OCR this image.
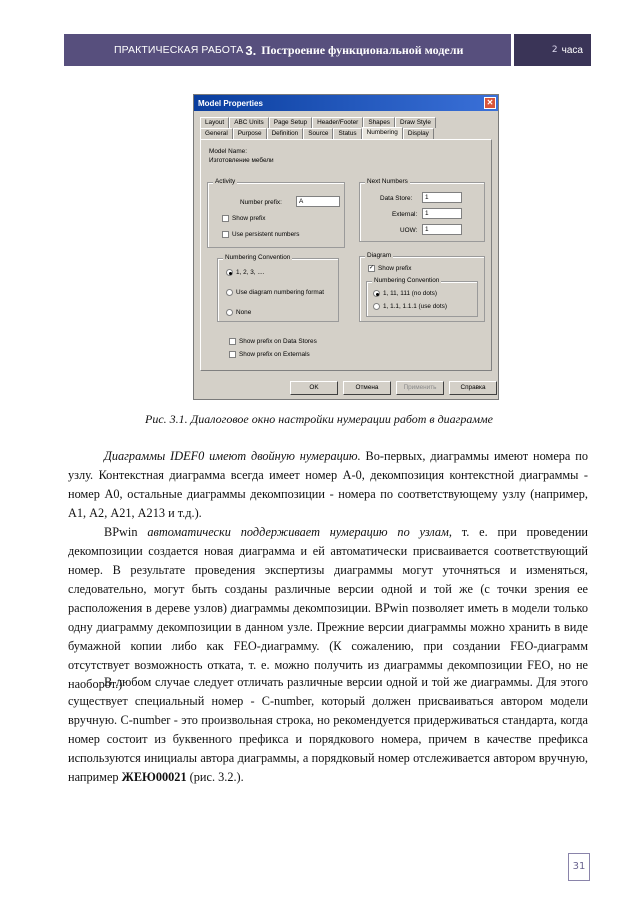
ПРАКТИЧЕСКАЯ РАБОТА 3. Построение функциональной модели	2 часа
Model Properties	✕
Layout	ABC Units	Page Setup	Header/Footer	Shapes	Draw Style
General	Purpose	Definition	Source	Status	Numbering	Display
Model Name:
Изготовление мебели
Activity
Number prefix:	A
Show prefix
Use persistent numbers
Numbering Convention
1, 2, 3, ....
Use diagram numbering format
None
Next Numbers
Data Store:	1
External:	1
UOW:	1
Diagram
✓ Show prefix
Numbering Convention
1, 11, 111 (no dots)
1, 1.1, 1.1.1 (use dots)
Show prefix on Data Stores
Show prefix on Externals
OK	Отмена	Применить	Справка
Рис. 3.1. Диалоговое окно настройки нумерации работ в диаграмме

Диаграммы IDEF0 имеют двойную нумерацию. Во-первых, диаграммы имеют номера по узлу. Контекстная диаграмма всегда имеет номер А-0, декомпозиция контекстной диаграммы - номер А0, остальные диаграммы декомпозиции - номера по соответствующему узлу (например, А1, А2, А21, А213 и т.д.).

BPwin автоматически поддерживает нумерацию по узлам, т. е. при проведении декомпозиции создается новая диаграмма и ей автоматически присваивается соответствующий номер. В результате проведения экспертизы диаграммы могут уточняться и изменяться, следовательно, могут быть созданы различные версии одной и той же (с точки зрения ее расположения в дереве узлов) диаграммы декомпозиции. BPwin позволяет иметь в модели только одну диаграмму декомпозиции в данном узле. Прежние версии диаграммы можно хранить в виде бумажной копии либо как FEO-диаграмму. (К сожалению, при создании FEO-диаграмм отсутствует возможность отката, т. е. можно получить из диаграммы декомпозиции FEO, но не наоборот.)

В любом случае следует отличать различные версии одной и той же диаграммы. Для этого существует специальный номер - C-number, который должен присваиваться автором модели вручную. C-number - это произвольная строка, но рекомендуется придерживаться стандарта, когда номер состоит из буквенного префикса и порядкового номера, причем в качестве префикса используются инициалы автора диаграммы, а порядковый номер отслеживается автором вручную, например ЖЕЮ00021 (рис. 3.2.).

31
